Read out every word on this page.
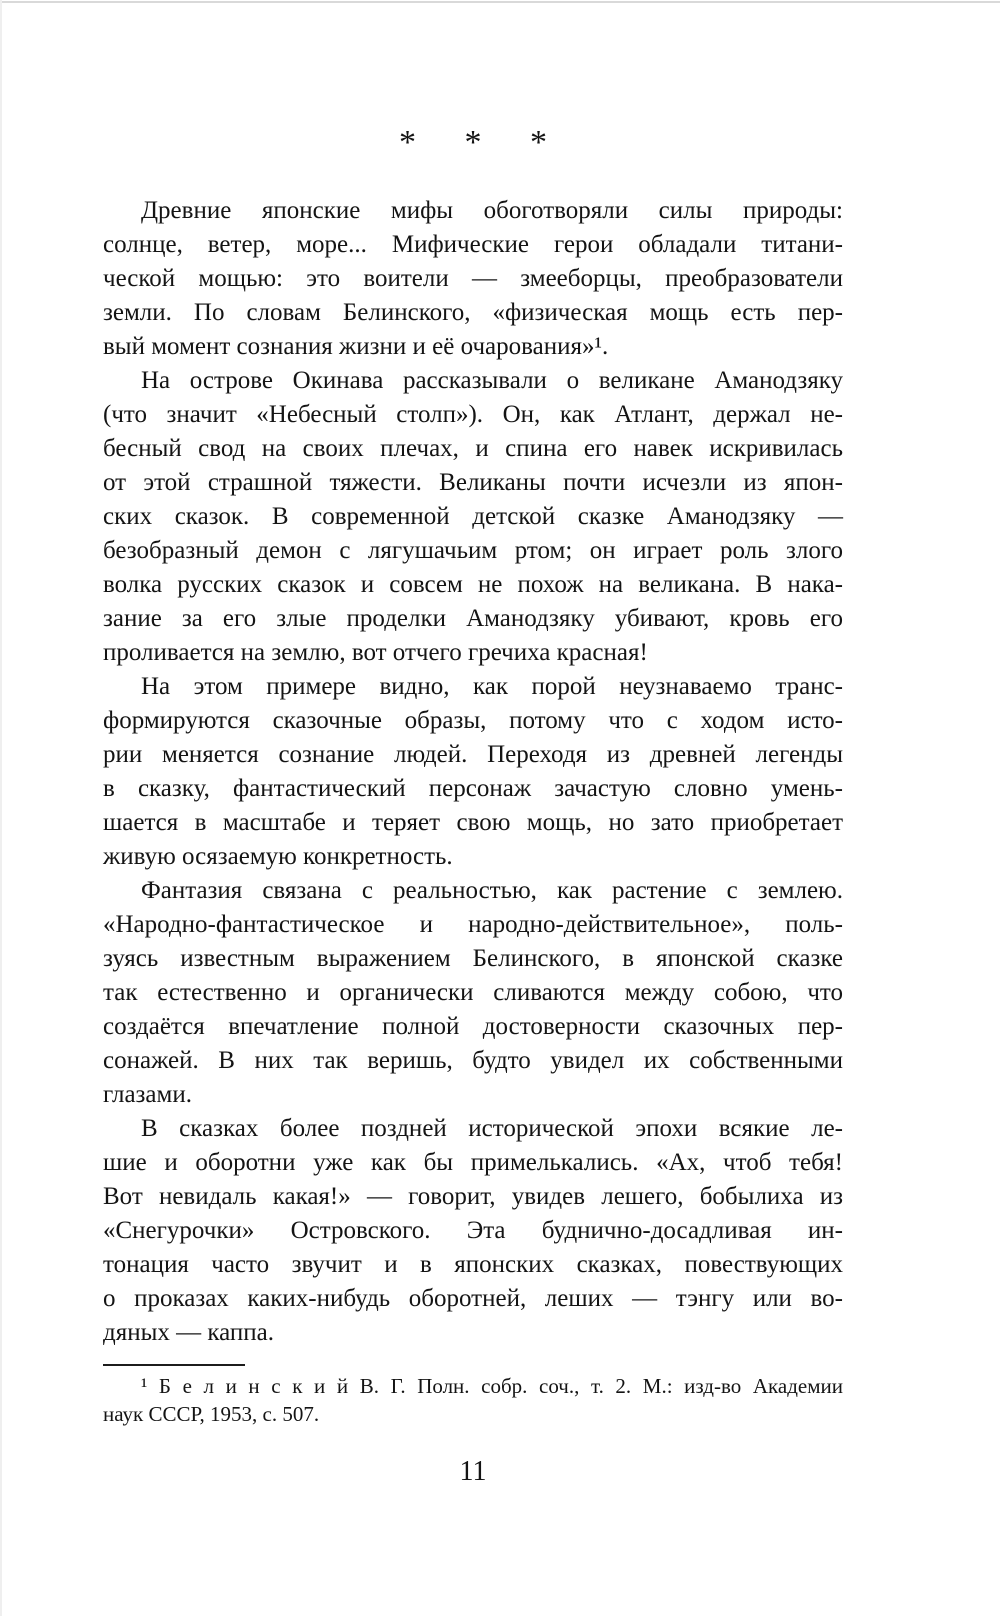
* * *
Древние японские мифы обоготворяли силы природы:
солнце, ветер, море... Мифические герои обладали титани-
ческой мощью: это воители — змееборцы, преобразователи
земли. По словам Белинского, «физическая мощь есть пер-
вый момент сознания жизни и её очарования»¹.
На острове Окинава рассказывали о великане Аманодзяку
(что значит «Небесный столп»). Он, как Атлант, держал не-
бесный свод на своих плечах, и спина его навек искривилась
от этой страшной тяжести. Великаны почти исчезли из япон-
ских сказок. В современной детской сказке Аманодзяку —
безобразный демон с лягушачьим ртом; он играет роль злого
волка русских сказок и совсем не похож на великана. В нака-
зание за его злые проделки Аманодзяку убивают, кровь его
проливается на землю, вот отчего гречиха красная!
На этом примере видно, как порой неузнаваемо транс-
формируются сказочные образы, потому что с ходом исто-
рии меняется сознание людей. Переходя из древней легенды
в сказку, фантастический персонаж зачастую словно умень-
шается в масштабе и теряет свою мощь, но зато приобретает
живую осязаемую конкретность.
Фантазия связана с реальностью, как растение с землею.
«Народно-фантастическое и народно-действительное», поль-
зуясь известным выражением Белинского, в японской сказке
так естественно и органически сливаются между собою, что
создаётся впечатление полной достоверности сказочных пер-
сонажей. В них так веришь, будто увидел их собственными
глазами.
В сказках более поздней исторической эпохи всякие ле-
шие и оборотни уже как бы примелькались. «Ах, чтоб тебя!
Вот невидаль какая!» — говорит, увидев лешего, бобылиха из
«Снегурочки» Островского. Эта буднично-досадливая ин-
тонация часто звучит и в японских сказках, повествующих
о проказах каких-нибудь оборотней, леших — тэнгу или во-
дяных — каппа.
¹ Б е л и н с к и й В. Г. Полн. собр. соч., т. 2. М.: изд-во Академии
наук СССР, 1953, с. 507.
11
